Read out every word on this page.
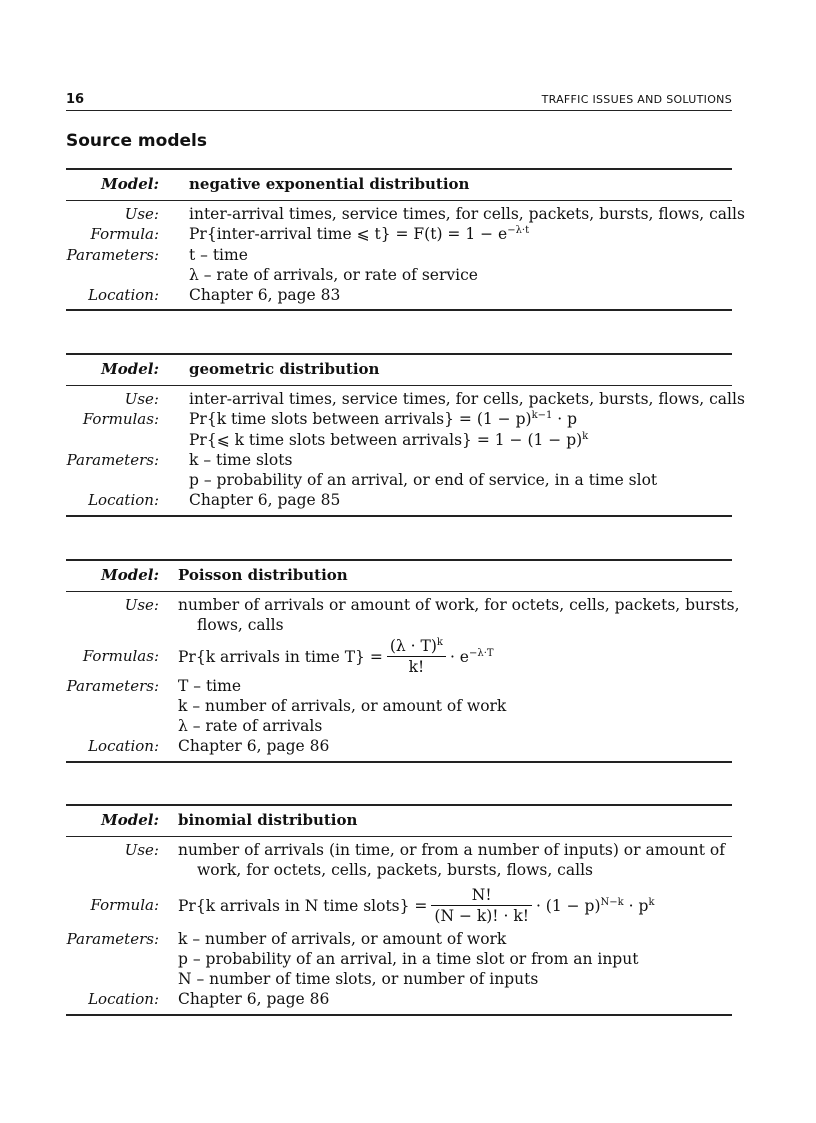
16	TRAFFIC ISSUES AND SOLUTIONS
Source models
Model: negative exponential distribution
Use: inter-arrival times, service times, for cells, packets, bursts, flows, calls
Formula: Pr{inter-arrival time ⩽ $t\} = F(t) = 1 - e^{-\lambda\cdot t}$
Parameters: t – time
λ – rate of arrivals, or rate of service
Location: Chapter 6, page 83
Model: geometric distribution
Use: inter-arrival times, service times, for cells, packets, bursts, flows, calls
Formulas: Pr{k time slots between arrivals} = $(1 - p)^{k-1} \cdot p$
Pr{⩽ k time slots between arrivals} = $1 - (1 - p)^k$
Parameters: k – time slots
p – probability of an arrival, or end of service, in a time slot
Location: Chapter 6, page 85
Model: Poisson distribution
Use: number of arrivals or amount of work, for octets, cells, packets, bursts,
flows, calls
Formulas: Pr{k arrivals in time $T\} = \frac{(\lambda \cdot T)^k}{k!} \cdot e^{-\lambda\cdot T}$
Parameters: T – time
k – number of arrivals, or amount of work
λ – rate of arrivals
Location: Chapter 6, page 86
Model: binomial distribution
Use: number of arrivals (in time, or from a number of inputs) or amount of
work, for octets, cells, packets, bursts, flows, calls
Formula: Pr{k arrivals in N time slots} = $\frac{N!}{(N - k)! \cdot k!} \cdot (1 - p)^{N-k} \cdot p^k$
Parameters: k – number of arrivals, or amount of work
p – probability of an arrival, in a time slot or from an input
N – number of time slots, or number of inputs
Location: Chapter 6, page 86
